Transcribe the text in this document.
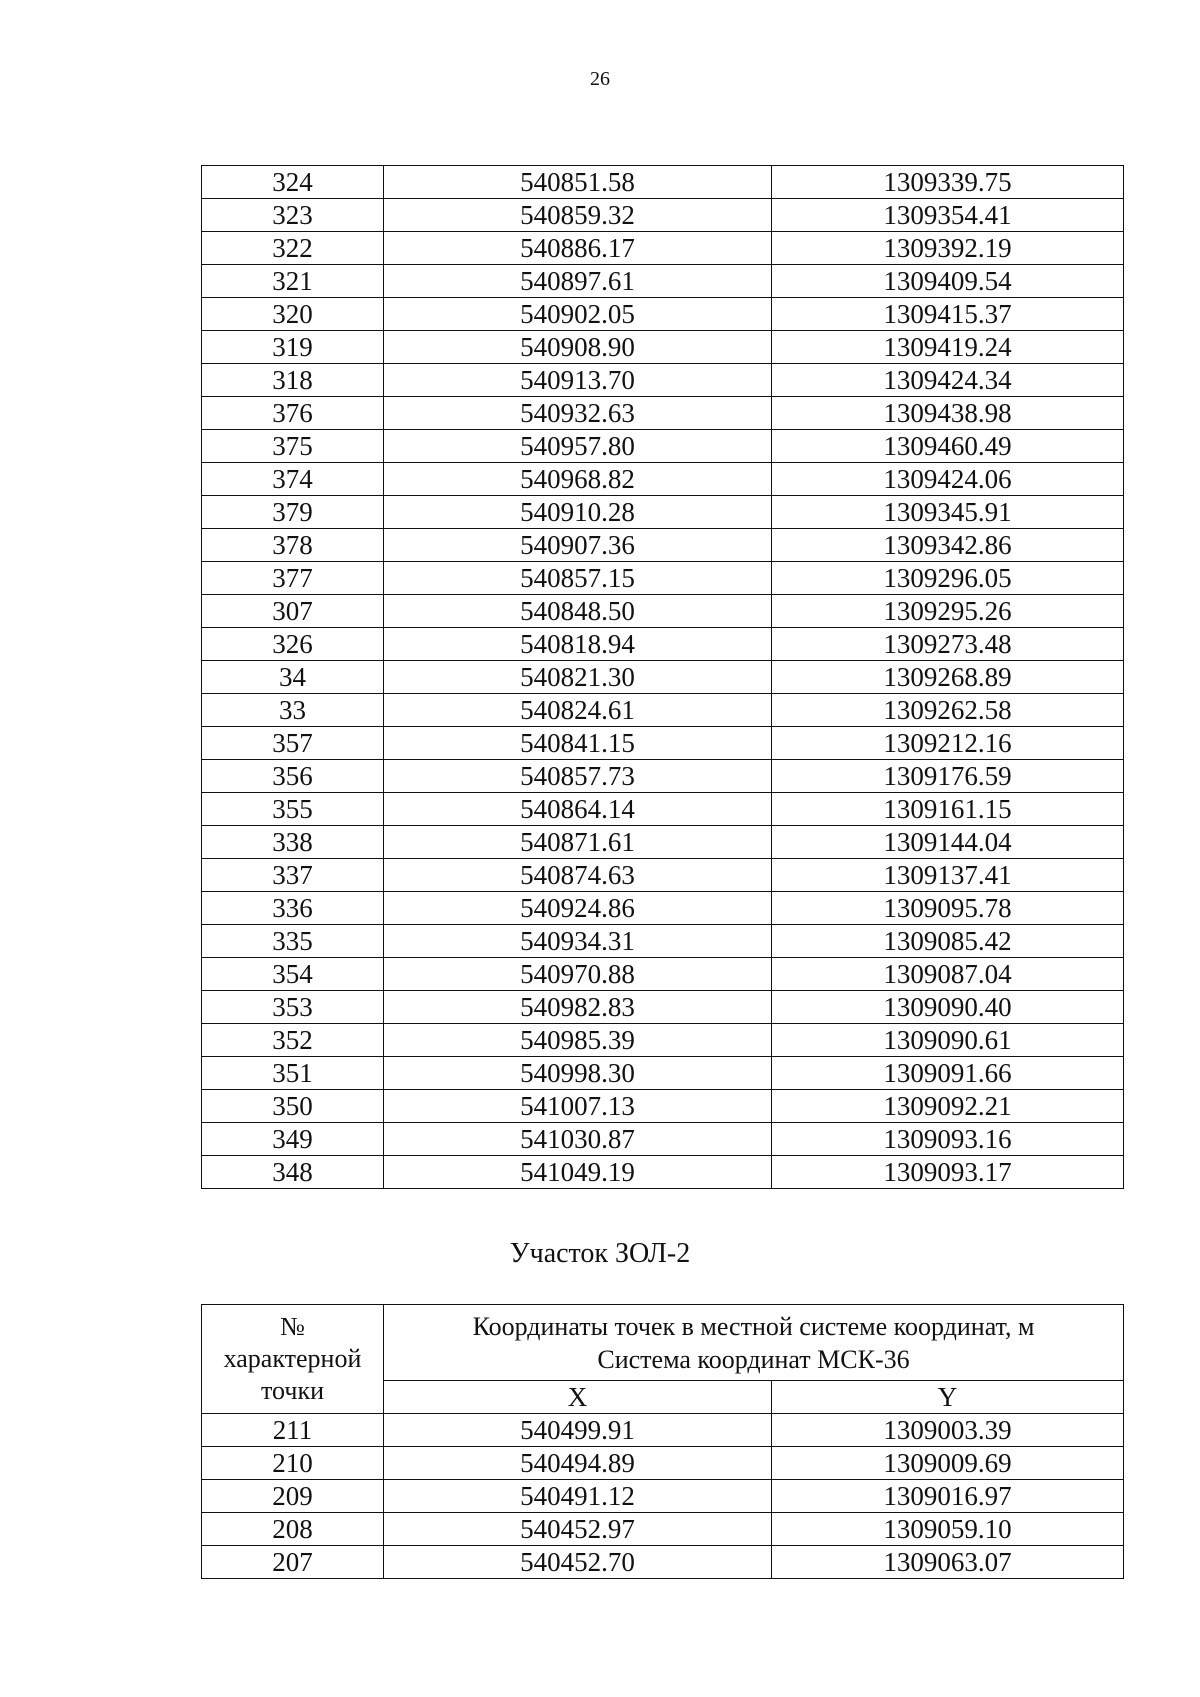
26
324	540851.58	1309339.75
323	540859.32	1309354.41
322	540886.17	1309392.19
321	540897.61	1309409.54
320	540902.05	1309415.37
319	540908.90	1309419.24
318	540913.70	1309424.34
376	540932.63	1309438.98
375	540957.80	1309460.49
374	540968.82	1309424.06
379	540910.28	1309345.91
378	540907.36	1309342.86
377	540857.15	1309296.05
307	540848.50	1309295.26
326	540818.94	1309273.48
34	540821.30	1309268.89
33	540824.61	1309262.58
357	540841.15	1309212.16
356	540857.73	1309176.59
355	540864.14	1309161.15
338	540871.61	1309144.04
337	540874.63	1309137.41
336	540924.86	1309095.78
335	540934.31	1309085.42
354	540970.88	1309087.04
353	540982.83	1309090.40
352	540985.39	1309090.61
351	540998.30	1309091.66
350	541007.13	1309092.21
349	541030.87	1309093.16
348	541049.19	1309093.17
Участок ЗОЛ-2
№
характерной
точки	Координаты точек в местной системе координат, м
Система координат МСК-36	
	X	Y
211	540499.91	1309003.39
210	540494.89	1309009.69
209	540491.12	1309016.97
208	540452.97	1309059.10
207	540452.70	1309063.07
